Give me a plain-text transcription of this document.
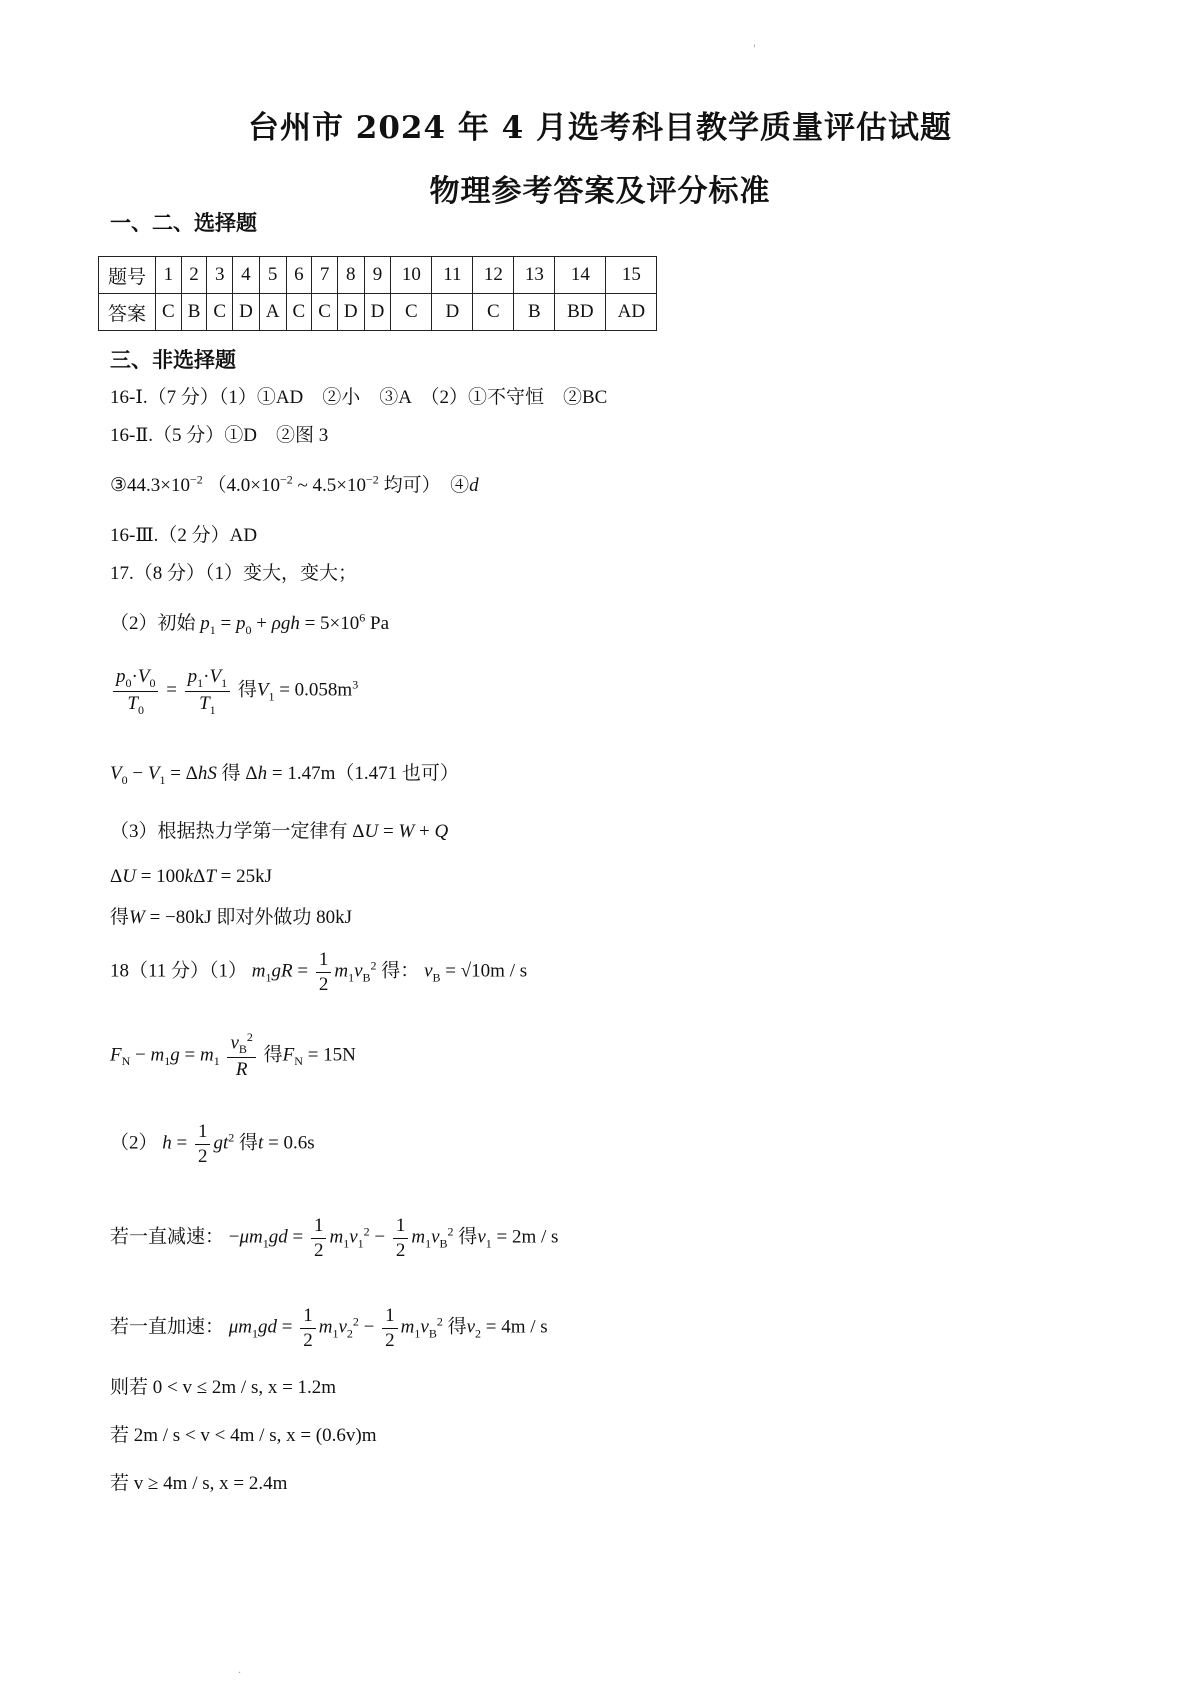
'
台州市 2024 年 4 月选考科目教学质量评估试题
物理参考答案及评分标准
一、二、选择题
题号	1	2	3	4	5	6	7	8	9	10	11	12	13	14	15
答案	C	B	C	D	A	C	C	D	D	C	D	C	B	BD	AD
三、非选择题
16-Ⅰ.（7 分）（1）①AD　②小　③A　（2）①不守恒　②BC
16-Ⅱ.（5 分）①D　②图 3
$③44.3\times 10^{-2}$ （$4.0\times 10^{-2}$ ~ $4.5\times 10^{-2}$ 均可）　④d
16-Ⅲ.（2 分）AD
17.（8 分）（1）变大，变大；
（2）初始 $p_1 = p_0 + \rho gh = 5\times 10^6$ Pa
$\frac{p_0\cdot V_0}{T_0} = \frac{p_1\cdot V_1}{T_1}$ 得$V_1 = 0.058m^3$
$V_0 - V_1 = \Delta hS$ 得 Δh = 1.47m（1.471 也可）
（3）根据热力学第一定律有 ΔU = W + Q
ΔU = 100kΔT = 25kJ
得W = −80kJ 即对外做功 80kJ
18（11 分）（1） $m_1gR = \frac{1}{2} m_1v_B^2$ 得： $v_B = √10m / s$
$F_N - m_1g = m_1 \frac{v_B^2}{R}$ 得$F_N = 15N$
（2） $h = \frac{1}{2} gt^2$ 得t = 0.6s
若一直减速： $-\mu m_1gd = \frac{1}{2} m_1v_1^2 - \frac{1}{2} m_1v_B^2$ 得$v_1 = 2m / s$
若一直加速： $\mu m_1gd = \frac{1}{2} m_1v_2^2 - \frac{1}{2} m_1v_B^2$ 得$v_2 = 4m / s$
则若 0 < v ≤ 2m / s, x = 1.2m
若 2m / s < v < 4m / s, x = (0.6v)m
若 v ≥ 4m / s, x = 2.4m
·
